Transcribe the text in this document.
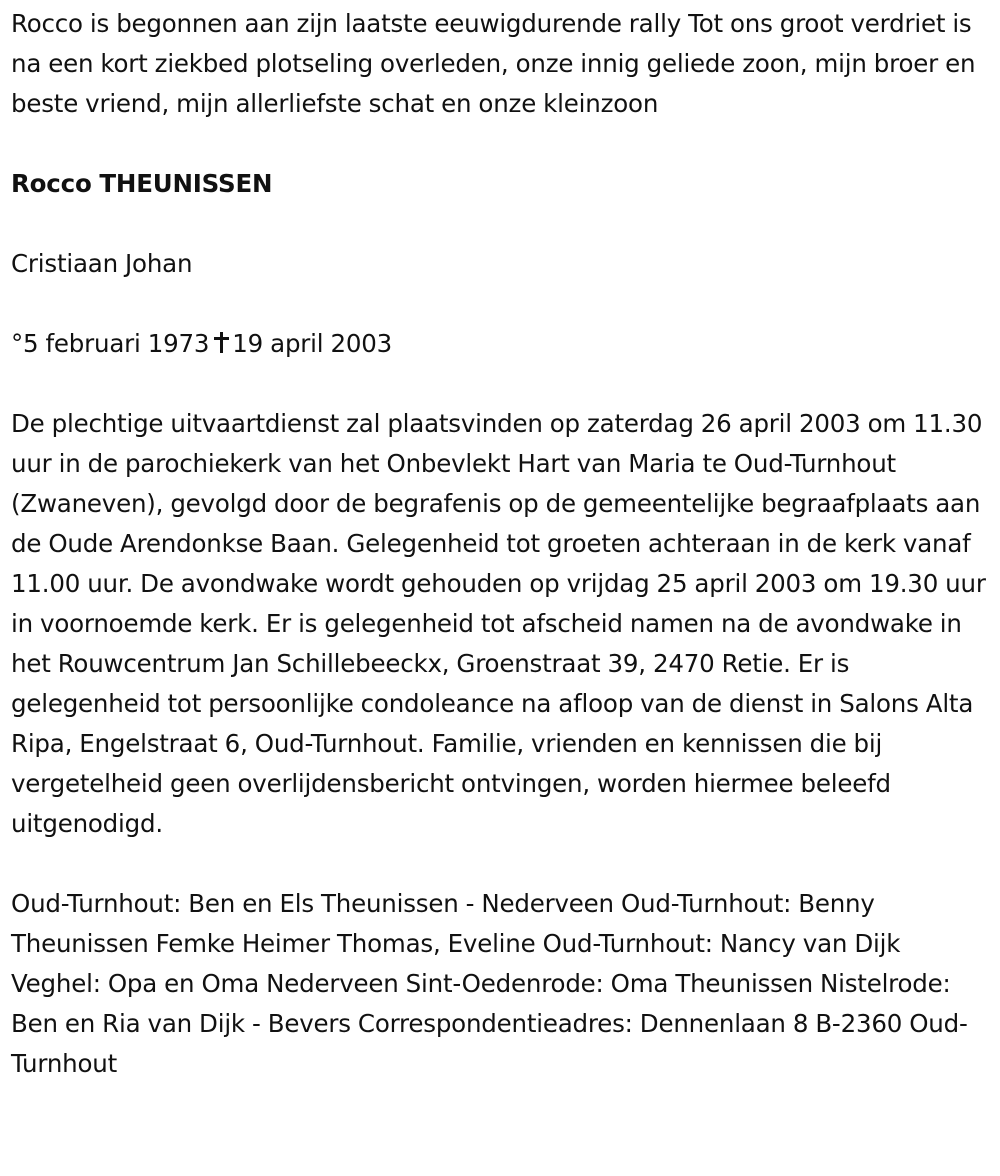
Rocco is begonnen aan zijn laatste eeuwigdurende rally Tot ons groot verdriet is na een kort ziekbed plotseling overleden, onze innig geliede zoon, mijn broer en beste vriend, mijn allerliefste schat en onze kleinzoon

Rocco THEUNISSEN

Cristiaan Johan

°5 februari 1973 19 april 2003

De plechtige uitvaartdienst zal plaatsvinden op zaterdag 26 april 2003 om 11.30 uur in de parochiekerk van het Onbevlekt Hart van Maria te Oud-Turnhout (Zwaneven), gevolgd door de begrafenis op de gemeentelijke begraafplaats aan de Oude Arendonkse Baan. Gelegenheid tot groeten achteraan in de kerk vanaf 11.00 uur. De avondwake wordt gehouden op vrijdag 25 april 2003 om 19.30 uur in voornoemde kerk. Er is gelegenheid tot afscheid namen na de avondwake in het Rouwcentrum Jan Schillebeeckx, Groenstraat 39, 2470 Retie. Er is gelegenheid tot persoonlijke condoleance na afloop van de dienst in Salons Alta Ripa, Engelstraat 6, Oud-Turnhout. Familie, vrienden en kennissen die bij vergetelheid geen overlijdensbericht ontvingen, worden hiermee beleefd uitgenodigd.

Oud-Turnhout: Ben en Els Theunissen - Nederveen Oud-Turnhout: Benny Theunissen Femke Heimer Thomas, Eveline Oud-Turnhout: Nancy van Dijk Veghel: Opa en Oma Nederveen Sint-Oedenrode: Oma Theunissen Nistelrode: Ben en Ria van Dijk - Bevers Correspondentieadres: Dennenlaan 8 B-2360 Oud-Turnhout
